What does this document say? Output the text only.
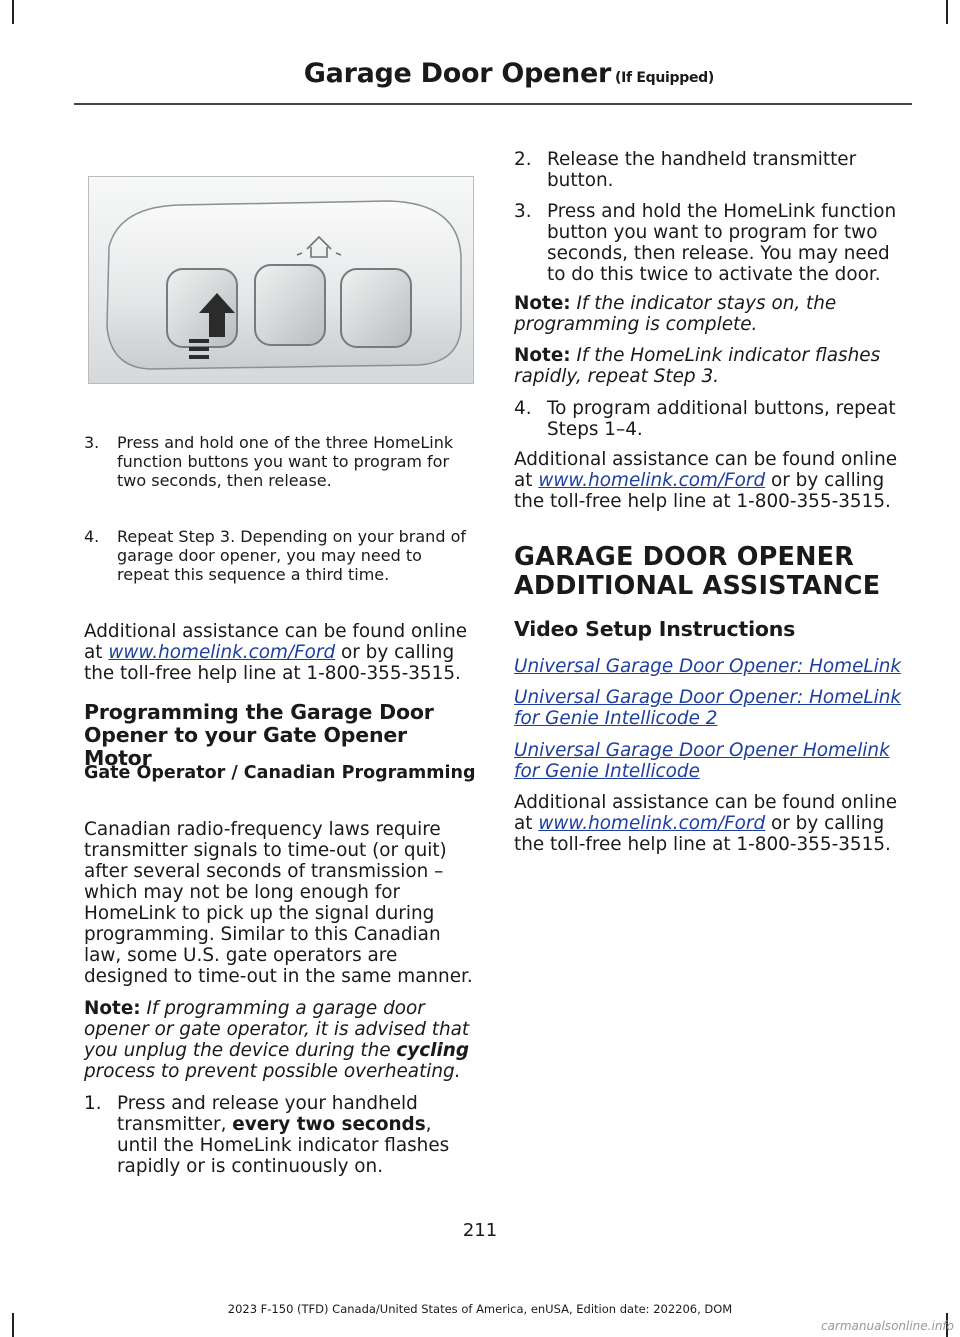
Garage Door Opener (If Equipped)
3. Press and hold one of the three HomeLink function buttons you want to program for two seconds, then release.
4. Repeat Step 3. Depending on your brand of garage door opener, you may need to repeat this sequence a third time.
Additional assistance can be found online at www.homelink.com/Ford or by calling the toll-free help line at 1-800-355-3515.
Programming the Garage Door Opener to your Gate Opener Motor
Gate Operator / Canadian Programming
Canadian radio-frequency laws require transmitter signals to time-out (or quit) after several seconds of transmission – which may not be long enough for HomeLink to pick up the signal during programming. Similar to this Canadian law, some U.S. gate operators are designed to time-out in the same manner.
Note: If programming a garage door opener or gate operator, it is advised that you unplug the device during the cycling process to prevent possible overheating.
1. Press and release your handheld transmitter, every two seconds, until the HomeLink indicator flashes rapidly or is continuously on.
2. Release the handheld transmitter button.
3. Press and hold the HomeLink function button you want to program for two seconds, then release. You may need to do this twice to activate the door.
Note: If the indicator stays on, the programming is complete.
Note: If the HomeLink indicator flashes rapidly, repeat Step 3.
4. To program additional buttons, repeat Steps 1–4.
Additional assistance can be found online at www.homelink.com/Ford or by calling the toll-free help line at 1-800-355-3515.
GARAGE DOOR OPENER
ADDITIONAL ASSISTANCE
Video Setup Instructions
Universal Garage Door Opener: HomeLink
Universal Garage Door Opener: HomeLink for Genie Intellicode 2
Universal Garage Door Opener Homelink for Genie Intellicode
Additional assistance can be found online at www.homelink.com/Ford or by calling the toll-free help line at 1-800-355-3515.
211
2023 F-150 (TFD) Canada/United States of America, enUSA, Edition date: 202206, DOM
carmanualsonline.info
